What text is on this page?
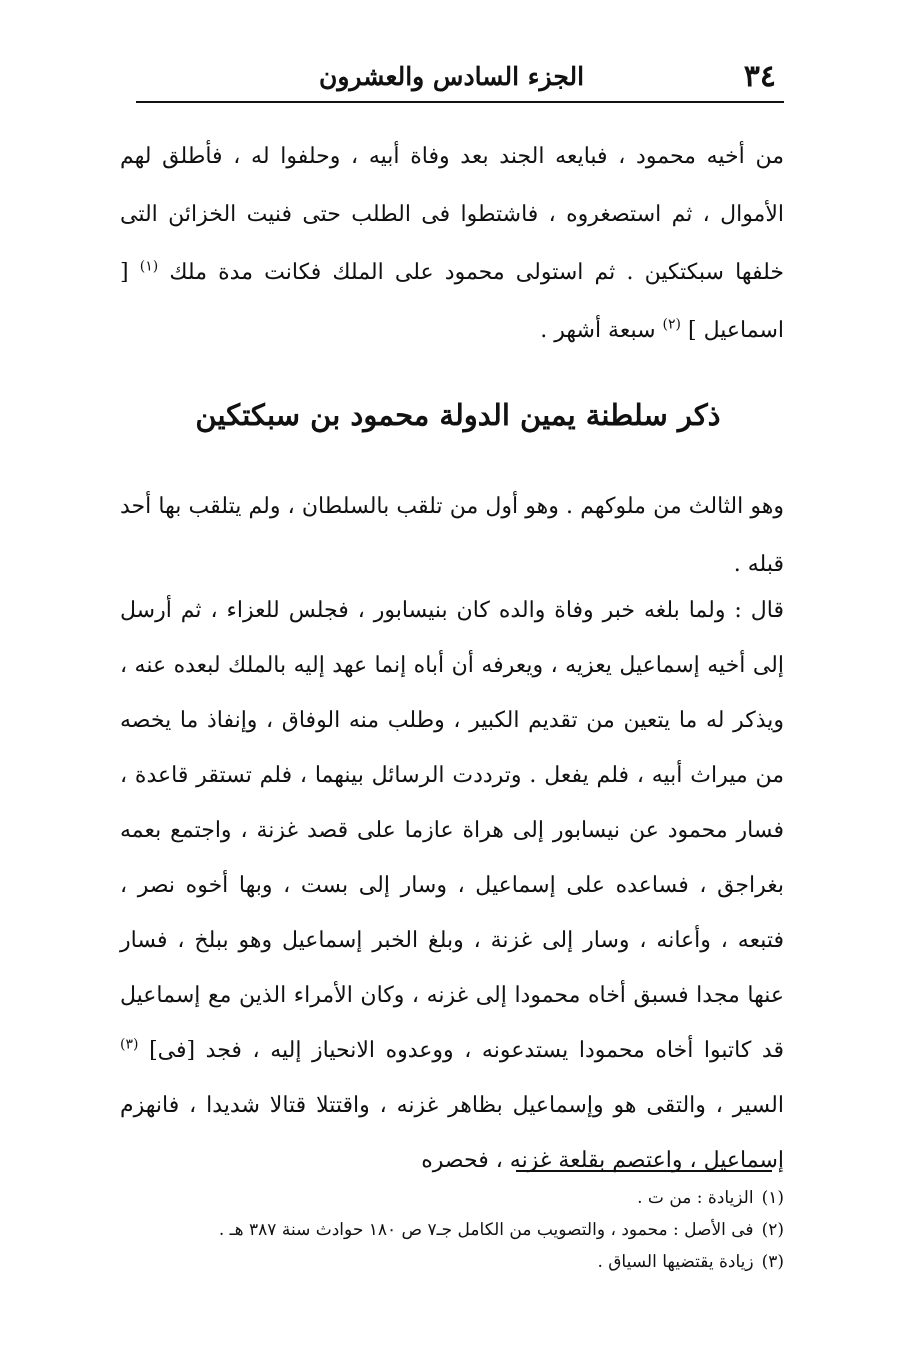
٣٤
الجزء السادس والعشرون

من أخيه محمود ، فبايعه الجند بعد وفاة أبيه ، وحلفوا له ، فأطلق لهم الأموال ، ثم استصغروه ، فاشتطوا فى الطلب حتى فنيت الخزائن التى خلفها سبكتكين . ثم استولى محمود على الملك فكانت مدة ملك $^{(١)}$ [ اسماعيل ] $^{(٢)}$ سبعة أشهر .

ذكر سلطنة يمين الدولة محمود بن سبكتكين

وهو الثالث من ملوكهم . وهو أول من تلقب بالسلطان ، ولم يتلقب بها أحد قبله .

قال : ولما بلغه خبر وفاة والده كان بنيسابور ، فجلس للعزاء ، ثم أرسل إلى أخيه إسماعيل يعزيه ، ويعرفه أن أباه إنما عهد إليه بالملك لبعده عنه ، ويذكر له ما يتعين من تقديم الكبير ، وطلب منه الوفاق ، وإنفاذ ما يخصه من ميراث أبيه ، فلم يفعل . وترددت الرسائل بينهما ، فلم تستقر قاعدة ، فسار محمود عن نيسابور إلى هراة عازما على قصد غزنة ، واجتمع بعمه بغراجق ، فساعده على إسماعيل ، وسار إلى بست ، وبها أخوه نصر ، فتبعه ، وأعانه ، وسار إلى غزنة ، وبلغ الخبر إسماعيل وهو ببلخ ، فسار عنها مجدا فسبق أخاه محمودا إلى غزنه ، وكان الأمراء الذين مع إسماعيل قد كاتبوا أخاه محمودا يستدعونه ، ووعدوه الانحياز إليه ، فجد [فى] $^{(٣)}$ السير ، والتقى هو وإسماعيل بظاهر غزنه ، واقتتلا قتالا شديدا ، فانهزم إسماعيل ، واعتصم بقلعة غزنه ، فحصره

(١)
الزيادة : من ت .
(٢)
فى الأصل : محمود ، والتصويب من الكامل جـ٧ ص ١٨٠ حوادث سنة ٣٨٧ هـ .
(٣)
زيادة يقتضيها السياق .
